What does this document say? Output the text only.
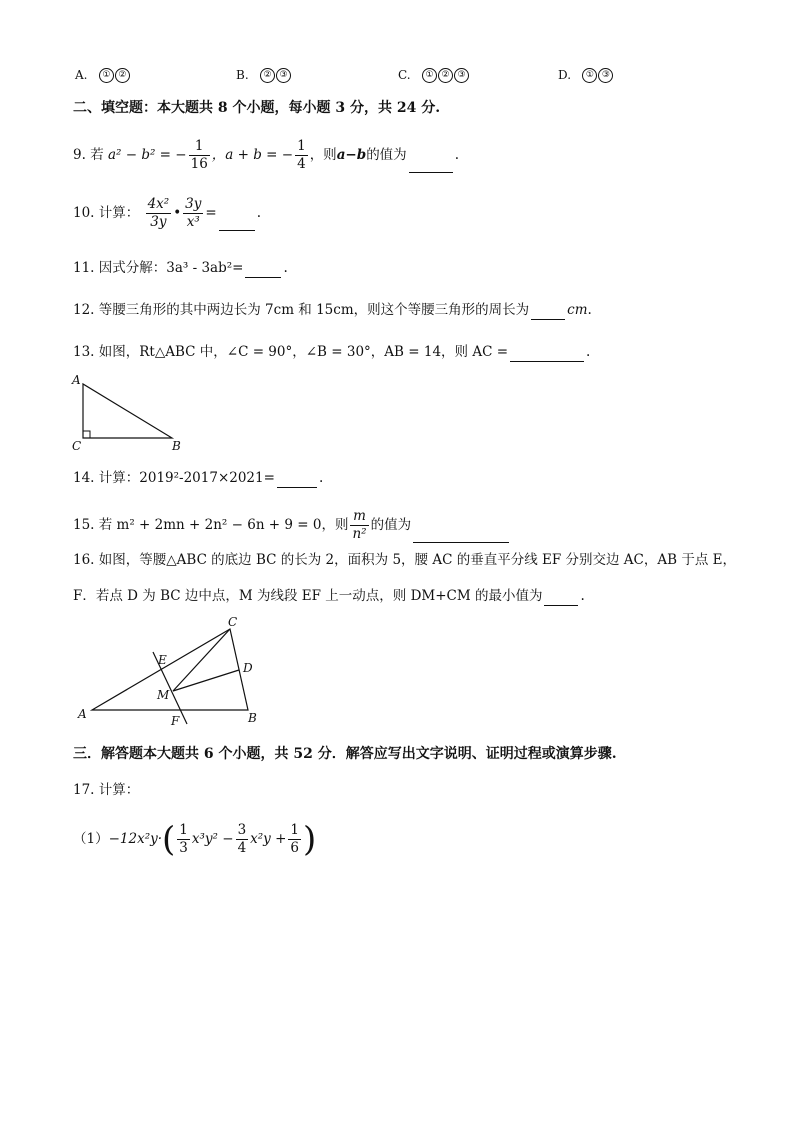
A. ① ②	B. ② ③	C. ① ② ③	D. ① ③
二、填空题：本大题共 8 个小题，每小题 3 分，共 24 分.
9. 若 a² − b² = − $\frac{1}{16}$ ，a + b = − $\frac{1}{4}$ ，则a−b的值为	.
10. 计算： $\frac{\text{4x²}}{3y}$ • $\frac{3y}{\text{x³}}$ =	.
11. 因式分解：3a³ - 3ab²=	.
12. 等腰三角形的其中两边长为 7cm 和 15cm，则这个等腰三角形的周长为	cm.
13. 如图，Rt△ABC 中，∠C = 90°，∠B = 30°，AB = 14，则 AC =	.
A
C	B
14. 计算：2019²-2017×2021=	.
15. 若 m² + 2mn + 2n² − 6n + 9 = 0，则 $\frac{m}{\text{n²}}$ 的值为
16. 如图，等腰△ABC 的底边 BC 的长为 2，面积为 5，腰 AC 的垂直平分线 EF 分别交边 AC，AB 于点 E，
F．若点 D 为 BC 边中点，M 为线段 EF 上一动点，则 DM+CM 的最小值为	.
C
E
D
M
A	F	B
三．解答题本大题共 6 个小题，共 52 分．解答应写出文字说明、证明过程或演算步骤.
17. 计算：
$(1)-12x^2y\cdot( \frac{1}{3} x^3y^2 - \frac{3}{4} x^2y + \frac{1}{6}$ )
